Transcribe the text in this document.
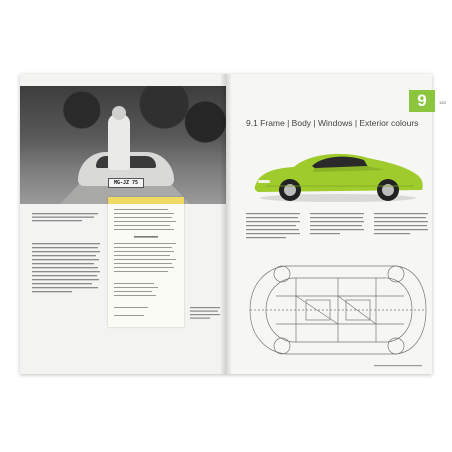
MG-JZ 75
9	133
9.1 Frame | Body | Windows | Exterior colours
